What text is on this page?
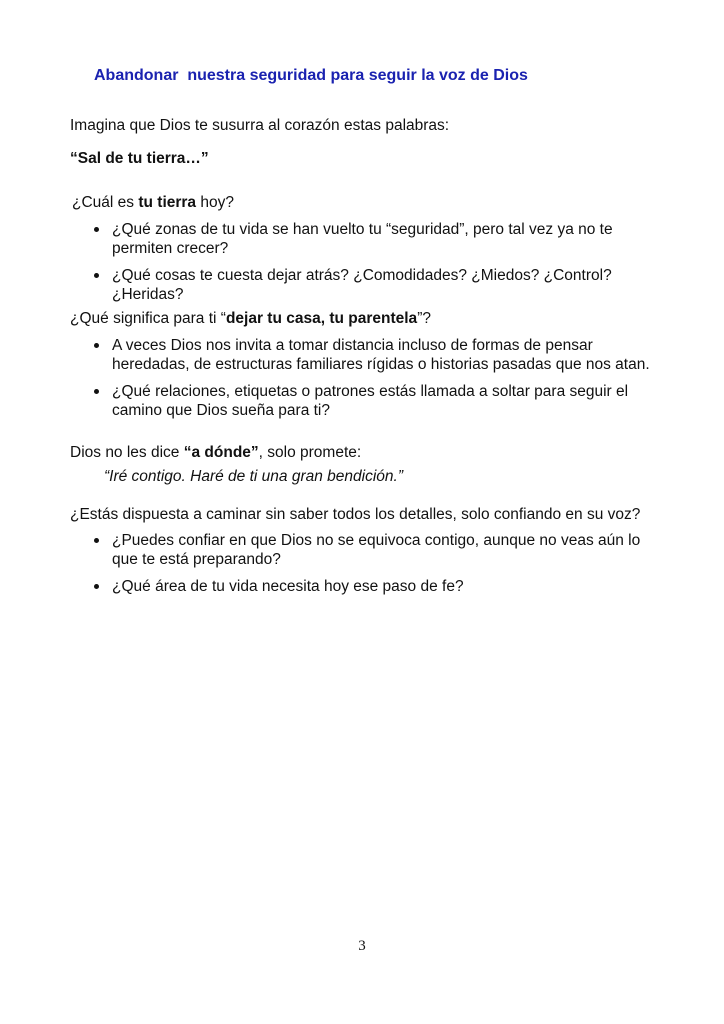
Abandonar  nuestra seguridad para seguir la voz de Dios
Imagina que Dios te susurra al corazón estas palabras:
“Sal de tu tierra…”
¿Cuál es tu tierra hoy?
¿Qué zonas de tu vida se han vuelto tu “seguridad”, pero tal vez ya no te permiten crecer?
¿Qué cosas te cuesta dejar atrás? ¿Comodidades? ¿Miedos? ¿Control? ¿Heridas?
¿Qué significa para ti “dejar tu casa, tu parentela”?
A veces Dios nos invita a tomar distancia incluso de formas de pensar heredadas, de estructuras familiares rígidas o historias pasadas que nos atan.
¿Qué relaciones, etiquetas o patrones estás llamada a soltar para seguir el camino que Dios sueña para ti?
Dios no les dice “a dónde”, solo promete:
“Iré contigo. Haré de ti una gran bendición.”
¿Estás dispuesta a caminar sin saber todos los detalles, solo confiando en su voz?
¿Puedes confiar en que Dios no se equivoca contigo, aunque no veas aún lo que te está preparando?
¿Qué área de tu vida necesita hoy ese paso de fe?
3
